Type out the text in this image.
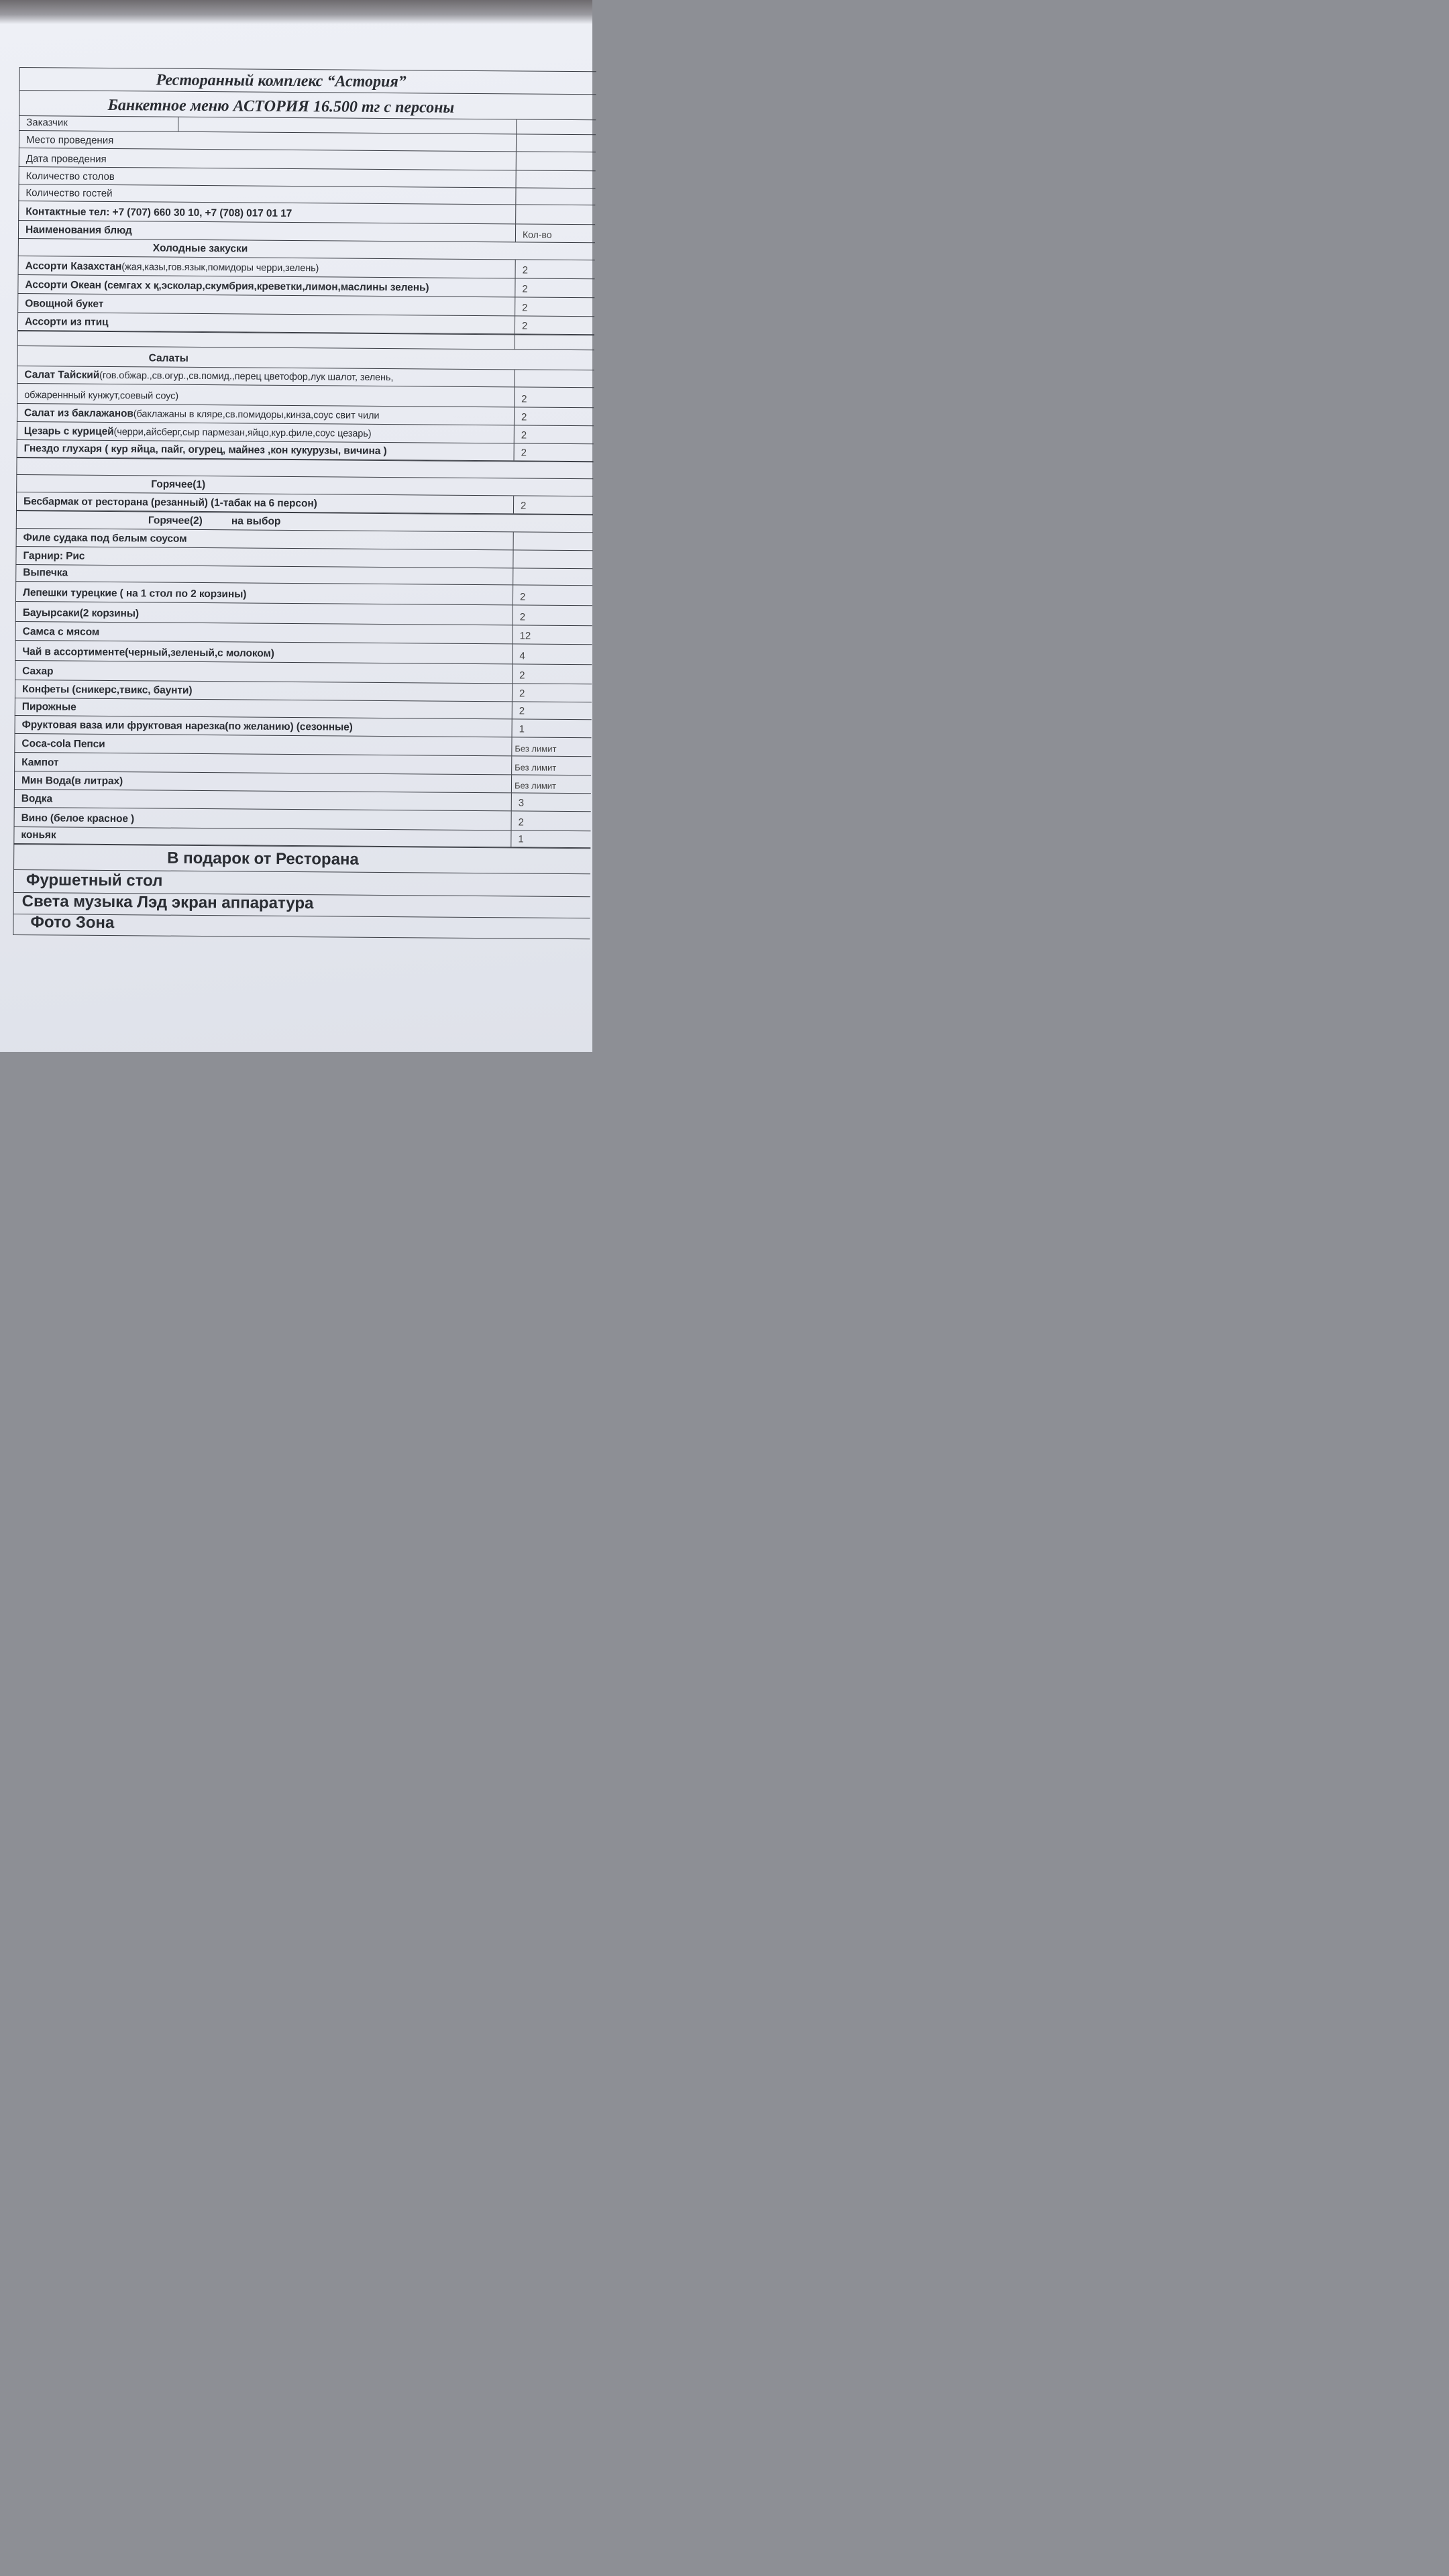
Ресторанный комплекс “Астория”
Банкетное меню АСТОРИЯ 16.500 тг с персоны
Заказчик
Место проведения
Дата проведения
Количество столов
Количество гостей
Контактные тел: +7 (707) 660 30 10, +7 (708) 017 01 17
Наименования блюд	Кол-во
Холодные закуски
Ассорти Казахстан(жая,казы,гов.язык,помидоры черри,зелень)	2
Ассорти Океан (семгах х қ,эсколар,скумбрия,креветки,лимон,маслины зелень)	2
Овощной букет	2
Ассорти из птиц	2
Салаты
Салат Тайский(гов.обжар.,св.огур.,св.помид.,перец цветофор,лук шалот, зелень,
обжареннный кунжут,соевый соус)	2
Салат из баклажанов(баклажаны в кляре,св.помидоры,кинза,соус свит чили	2
Цезарь с курицей(черри,айсберг,сыр пармезан,яйцо,кур.филе,соус цезарь)	2
Гнездо глухаря ( кур яйца, пайг, огурец, майнез ,кон кукурузы, вичина )	2
Горячее(1)
Бесбармак от ресторана (резанный) (1-табак на 6 персон)	2
Горячее(2)	на выбор
Филе судака под белым соусом
Гарнир: Рис
Выпечка
Лепешки турецкие ( на 1 стол по 2 корзины)	2
Бауырсаки(2 корзины)	2
Самса с мясом	12
Чай в ассортименте(черный,зеленый,с молоком)	4
Сахар	2
Конфеты (сникерс,твикс, баунти)	2
Пирожные	2
Фруктовая ваза или фруктовая нарезка(по желанию) (сезонные)	1
Coca-cola Пепси	Без лимит
Кампот	Без лимит
Мин Вода(в литрах)	Без лимит
Водка	3
Вино (белое красное )	2
коньяк	1
В подарок от Ресторана
Фуршетный стол
Света музыка Лэд экран аппаратура
Фото Зона
